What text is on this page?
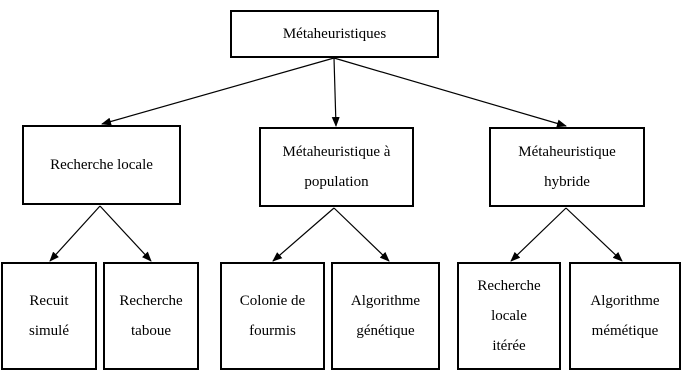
Métaheuristiques
Recherche locale
Métaheuristique à
population
Métaheuristique
hybride
Recuit
simulé
Recherche
taboue
Colonie de
fourmis
Algorithme
génétique
Recherche
locale
itérée
Algorithme
mémétique
